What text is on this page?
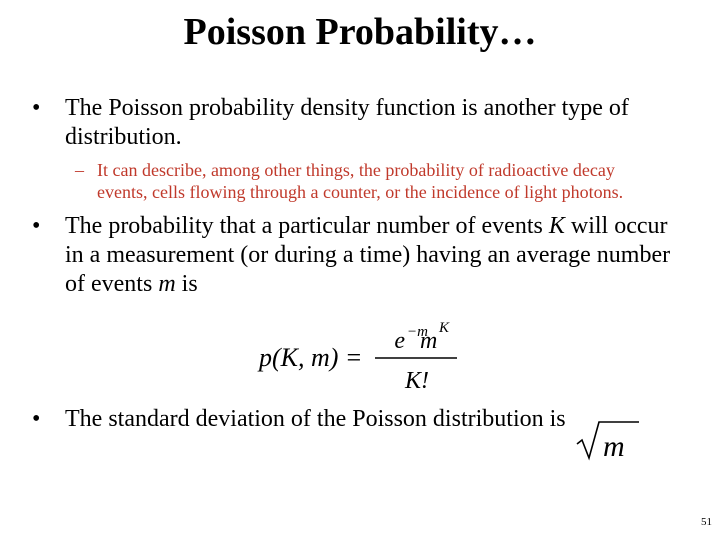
Poisson Probability…
• The Poisson probability density function is another type of
distribution.
– It can describe, among other things, the probability of radioactive decay
events, cells flowing through a counter, or the incidence of light photons.
• The probability that a particular number of events K will occur
in a measurement (or during a time) having an average number
of events m is
p(K, m) =
e −m
m K
K!
• The standard deviation of the Poisson distribution is
m
51
